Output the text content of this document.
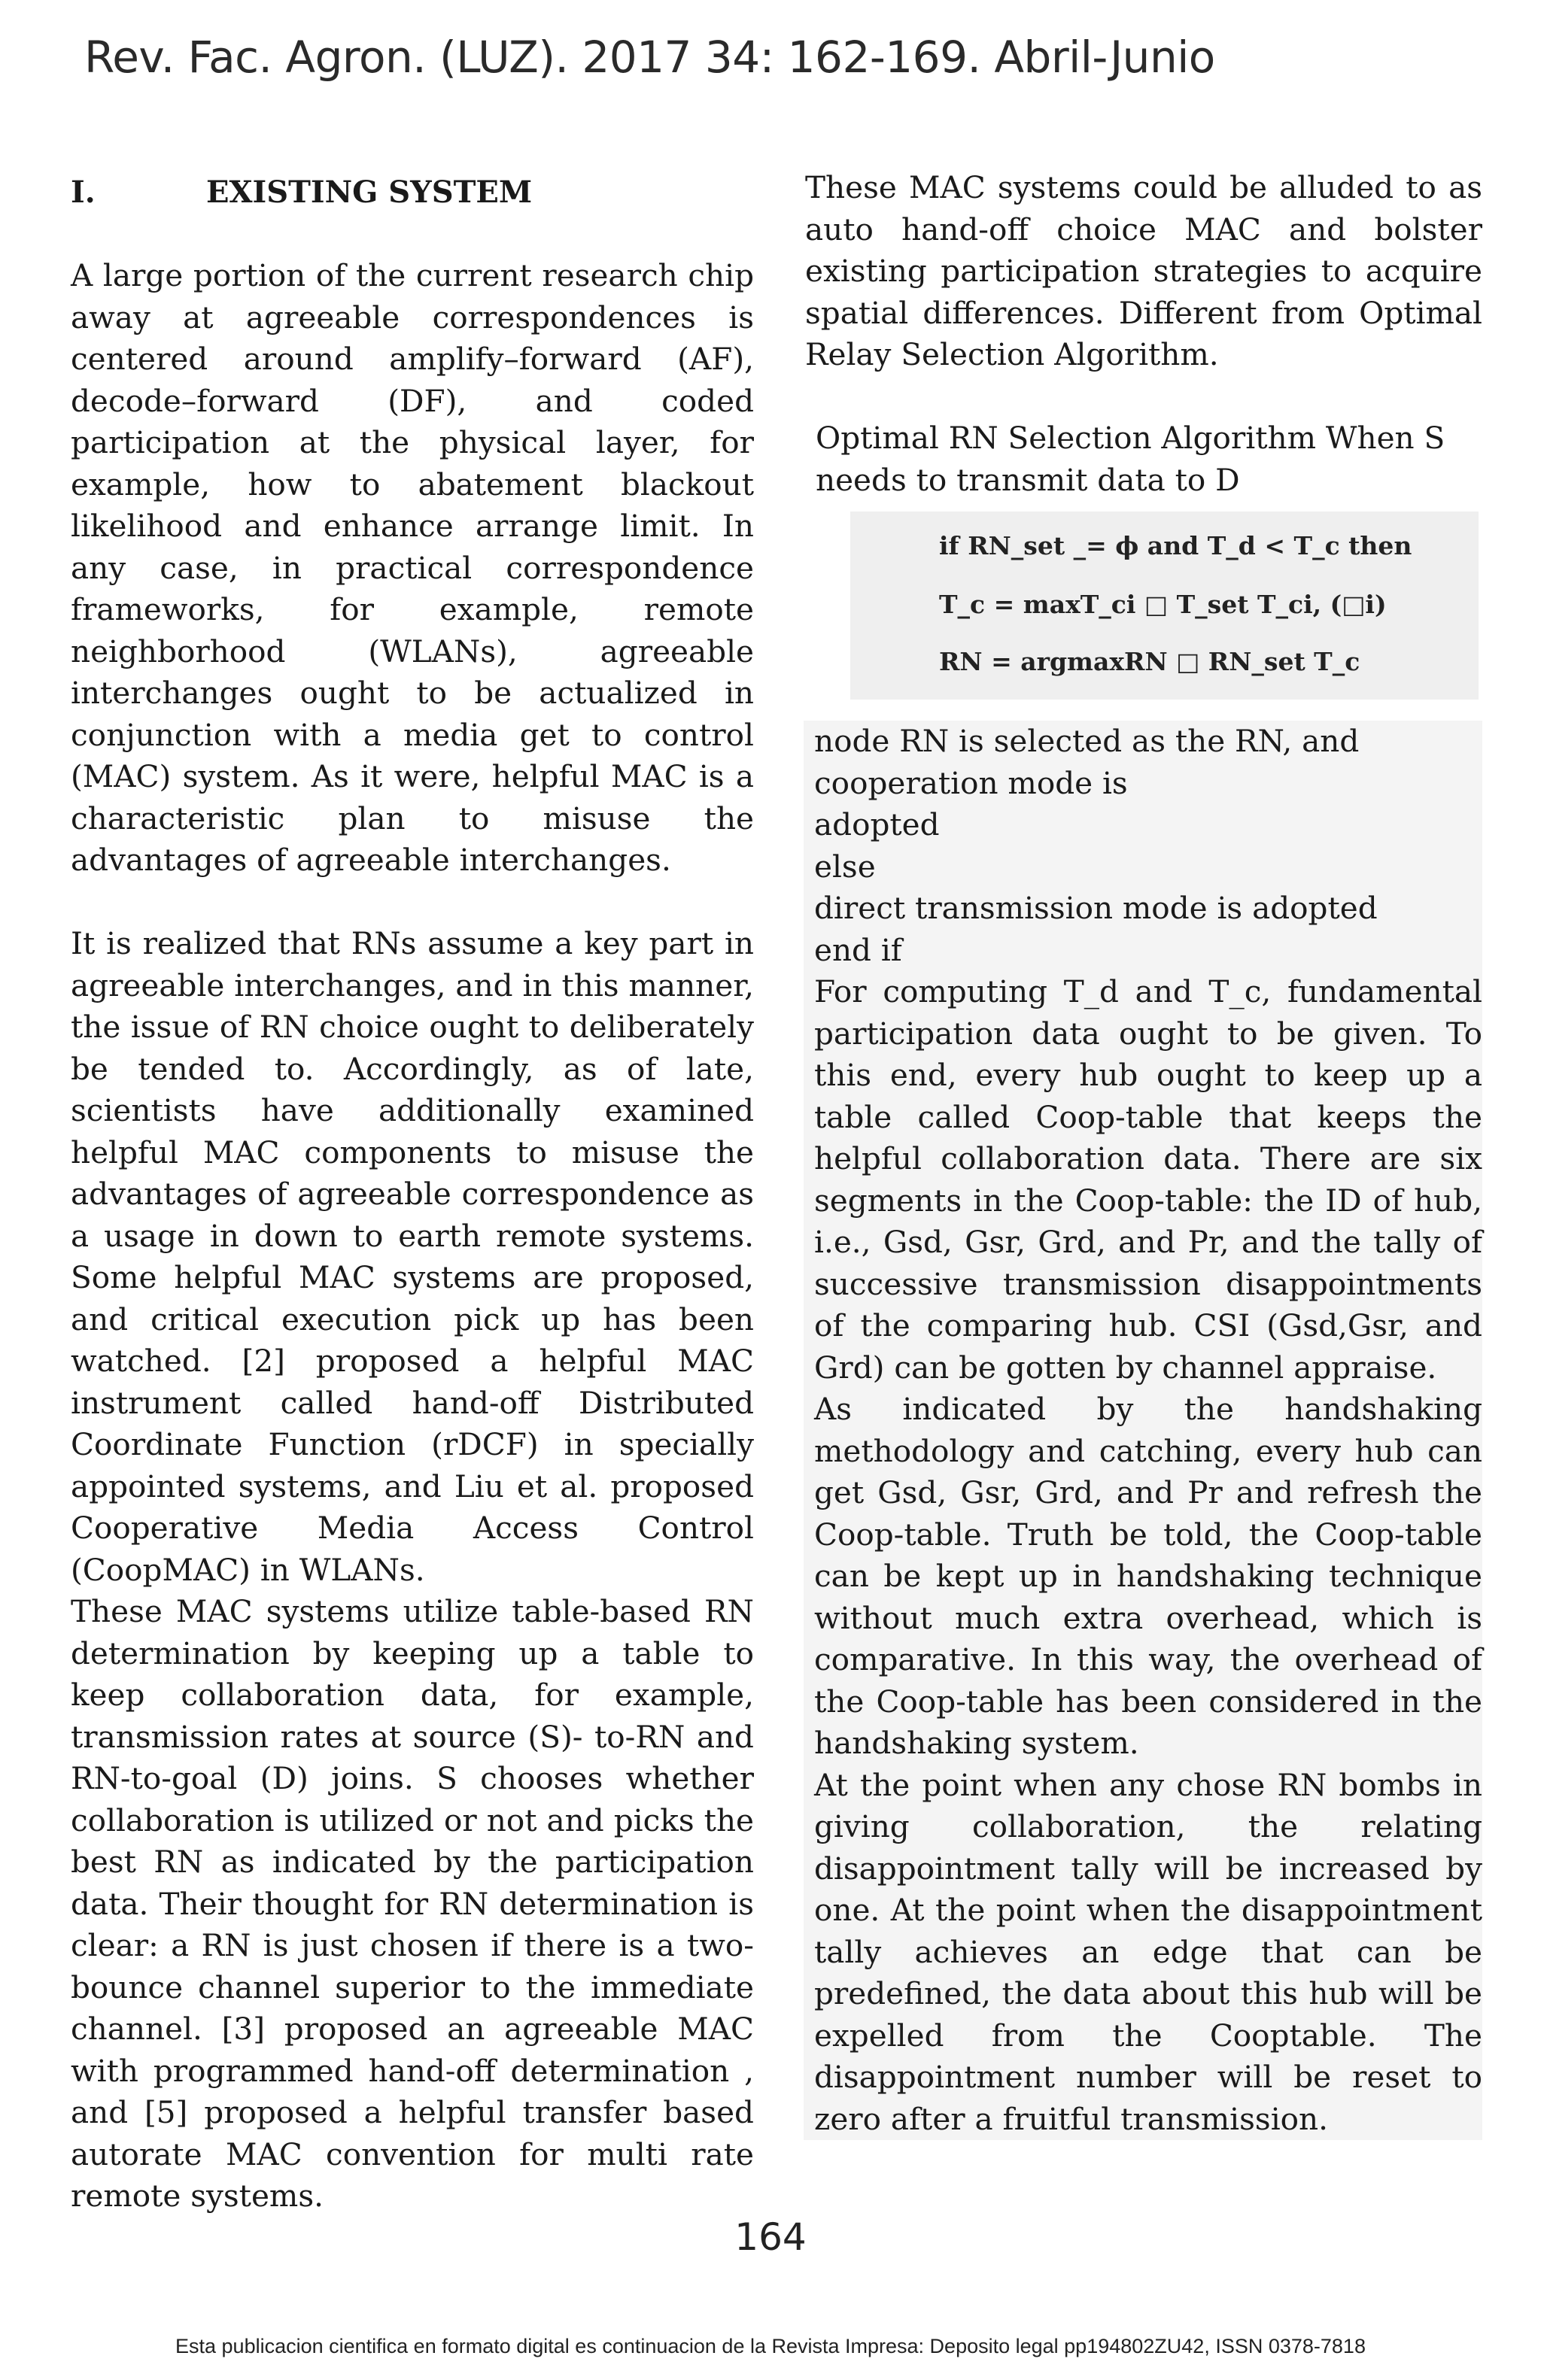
Rev. Fac. Agron. (LUZ). 2017 34: 162-169. Abril-Junio
I.	EXISTING SYSTEM

A large portion of the current research chip away at agreeable correspondences is centered around amplify–forward (AF), decode–forward (DF), and coded participation at the physical layer, for example, how to abatement blackout likelihood and enhance arrange limit. In any case, in practical correspondence frameworks, for example, remote neighborhood (WLANs), agreeable interchanges ought to be actualized in conjunction with a media get to control (MAC) system. As it were, helpful MAC is a characteristic plan to misuse the advantages of agreeable interchanges.

It is realized that RNs assume a key part in agreeable interchanges, and in this manner, the issue of RN choice ought to deliberately be tended to. Accordingly, as of late, scientists have additionally examined helpful MAC components to misuse the advantages of agreeable correspondence as a usage in down to earth remote systems. Some helpful MAC systems are proposed, and critical execution pick up has been watched. [2] proposed a helpful MAC instrument called hand-off Distributed Coordinate Function (rDCF) in specially appointed systems, and Liu et al. proposed Cooperative Media Access Control (CoopMAC) in WLANs.

These MAC systems utilize table-based RN determination by keeping up a table to keep collaboration data, for example, transmission rates at source (S)- to-RN and RN-to-goal (D) joins. S chooses whether collaboration is utilized or not and picks the best RN as indicated by the participation data. Their thought for RN determination is clear: a RN is just chosen if there is a two-bounce channel superior to the immediate channel. [3] proposed an agreeable MAC with programmed hand-off determination , and [5] proposed a helpful transfer based autorate MAC convention for multi rate remote systems.

These MAC systems could be alluded to as auto hand-off choice MAC and bolster existing participation strategies to acquire spatial differences. Different from Optimal Relay Selection Algorithm.

Optimal RN Selection Algorithm When S needs to transmit data to D

if RN_set _= ϕ and T_d < T_c then
T_c = maxT_ci □ T_set T_ci, (□i)
RN = argmaxRN □ RN_set T_c

node RN is selected as the RN, and cooperation mode is

adopted

else

direct transmission mode is adopted

end if

For computing T_d and T_c, fundamental participation data ought to be given. To this end, every hub ought to keep up a table called Coop-table that keeps the helpful collaboration data. There are six segments in the Coop-table: the ID of hub, i.e., Gsd, Gsr, Grd, and Pr, and the tally of successive transmission disappointments of the comparing hub. CSI (Gsd,Gsr, and Grd) can be gotten by channel appraise.

As indicated by the handshaking methodology and catching, every hub can get Gsd, Gsr, Grd, and Pr and refresh the Coop-table. Truth be told, the Coop-table can be kept up in handshaking technique without much extra overhead, which is comparative. In this way, the overhead of the Coop-table has been considered in the handshaking system.

At the point when any chose RN bombs in giving collaboration, the relating disappointment tally will be increased by one. At the point when the disappointment tally achieves an edge that can be predefined, the data about this hub will be expelled from the Cooptable. The disappointment number will be reset to zero after a fruitful transmission.

164
Esta publicacion cientifica en formato digital es continuacion de la Revista Impresa: Deposito legal pp194802ZU42, ISSN 0378-7818
